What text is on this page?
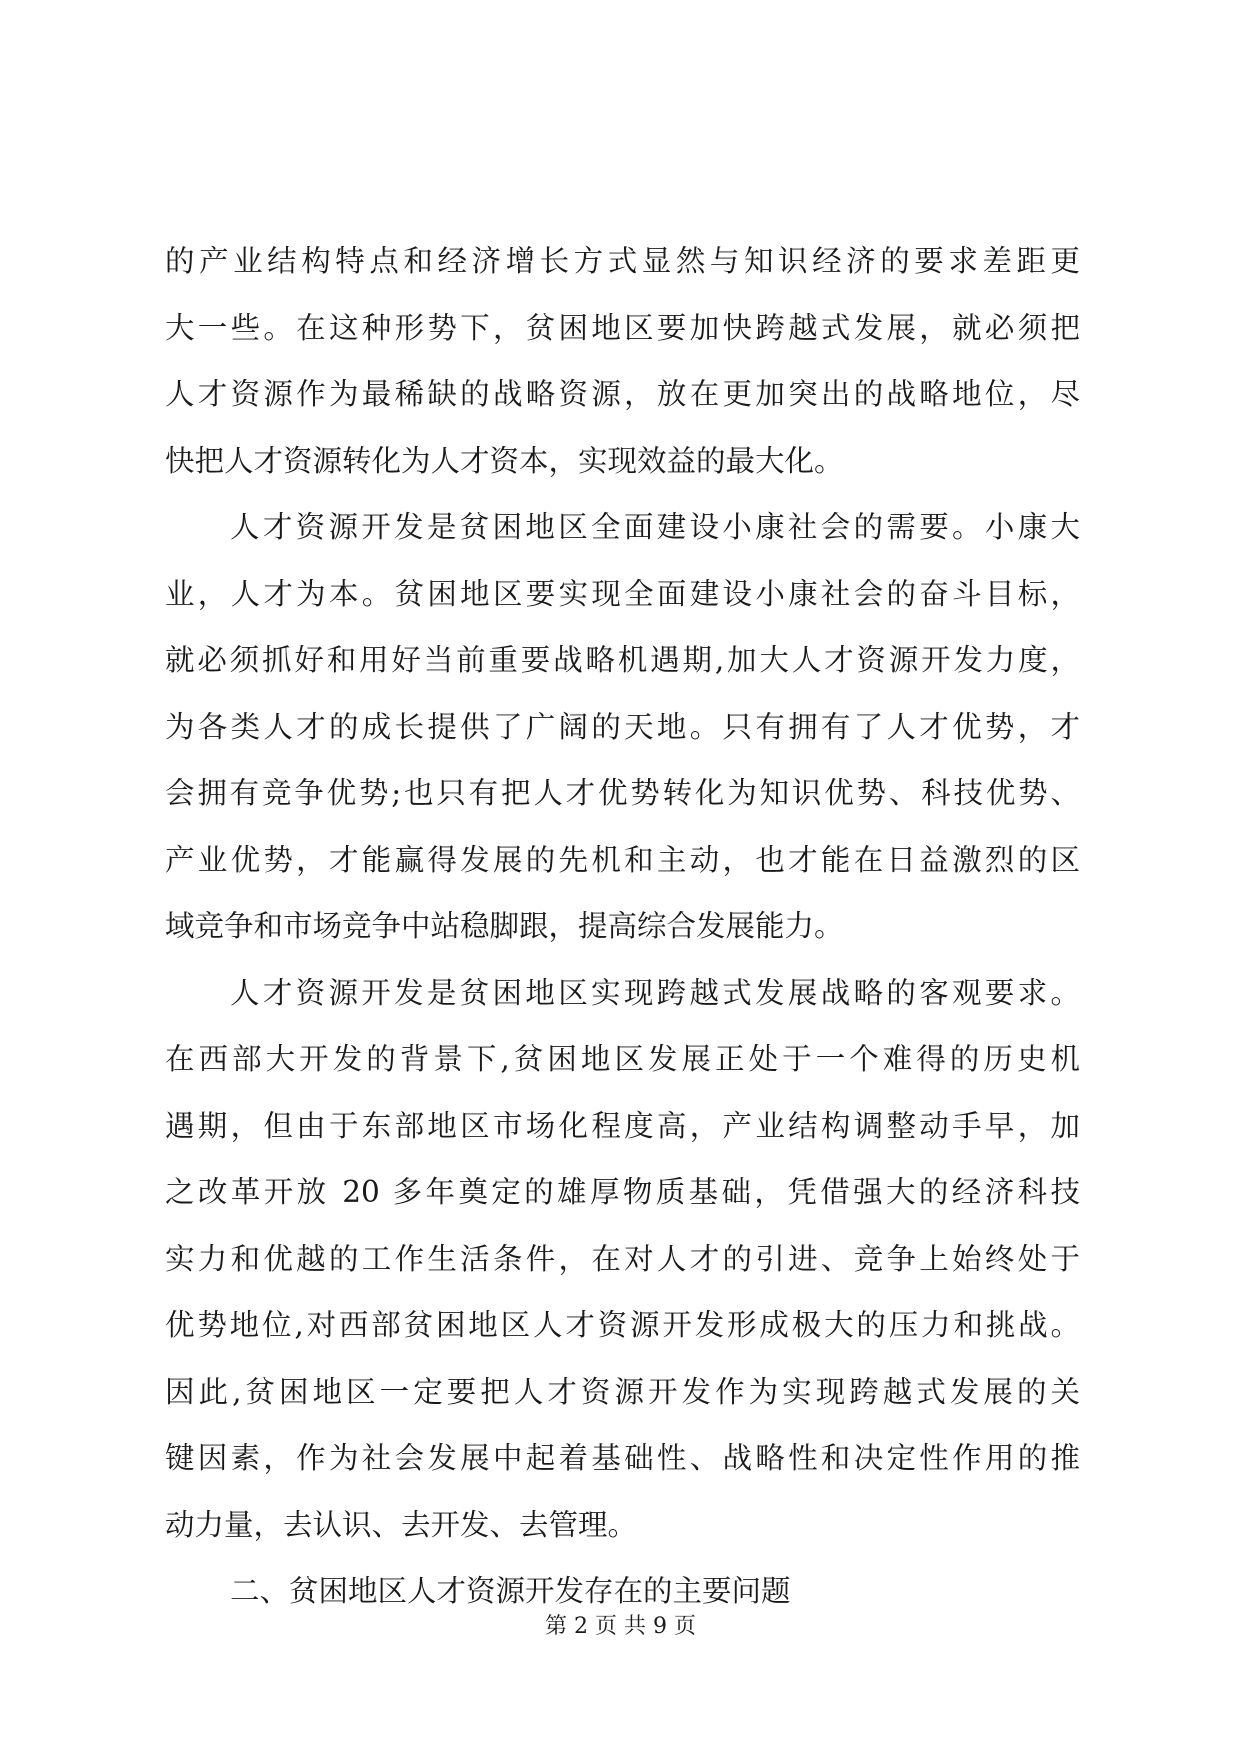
的产业结构特点和经济增长方式显然与知识经济的要求差距更
大一些。在这种形势下，贫困地区要加快跨越式发展，就必须把
人才资源作为最稀缺的战略资源，放在更加突出的战略地位，尽
快把人才资源转化为人才资本，实现效益的最大化。
人才资源开发是贫困地区全面建设小康社会的需要。小康大
业，人才为本。贫困地区要实现全面建设小康社会的奋斗目标，
就必须抓好和用好当前重要战略机遇期,加大人才资源开发力度，
为各类人才的成长提供了广阔的天地。只有拥有了人才优势，才
会拥有竞争优势;也只有把人才优势转化为知识优势、科技优势、
产业优势，才能赢得发展的先机和主动，也才能在日益激烈的区
域竞争和市场竞争中站稳脚跟，提高综合发展能力。
人才资源开发是贫困地区实现跨越式发展战略的客观要求。
在西部大开发的背景下,贫困地区发展正处于一个难得的历史机
遇期，但由于东部地区市场化程度高，产业结构调整动手早，加
之改革开放 20 多年奠定的雄厚物质基础，凭借强大的经济科技
实力和优越的工作生活条件，在对人才的引进、竞争上始终处于
优势地位,对西部贫困地区人才资源开发形成极大的压力和挑战。
因此,贫困地区一定要把人才资源开发作为实现跨越式发展的关
键因素，作为社会发展中起着基础性、战略性和决定性作用的推
动力量，去认识、去开发、去管理。
二、贫困地区人才资源开发存在的主要问题
第 2 页 共 9 页
